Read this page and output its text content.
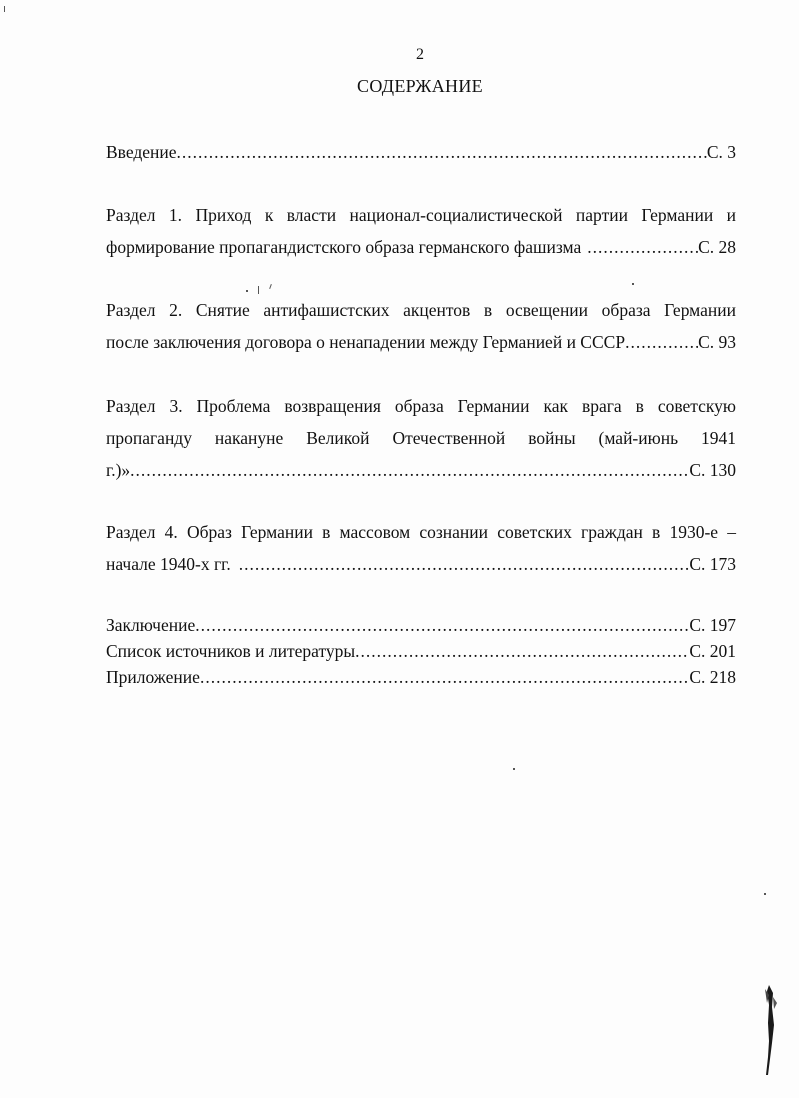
2
СОДЕРЖАНИЕ
Введение .....	С. 3
Раздел 1. Приход к власти национал-социалистической партии Германии и
формирование пропагандистского образа германского фашизма .....	С. 28
Раздел 2. Снятие антифашистских акцентов в освещении образа Германии
после заключения договора о ненападении между Германией и СССР .....	С. 93
Раздел 3. Проблема возвращения образа Германии как врага в советскую
пропаганду накануне Великой Отечественной войны (май-июнь 1941
г.)» .....	С. 130
Раздел 4. Образ Германии в массовом сознании советских граждан в 1930-е –
начале 1940-х гг. .....	С. 173
Заключение .....	С. 197
Список источников и литературы .....	С. 201
Приложение .....	С. 218
